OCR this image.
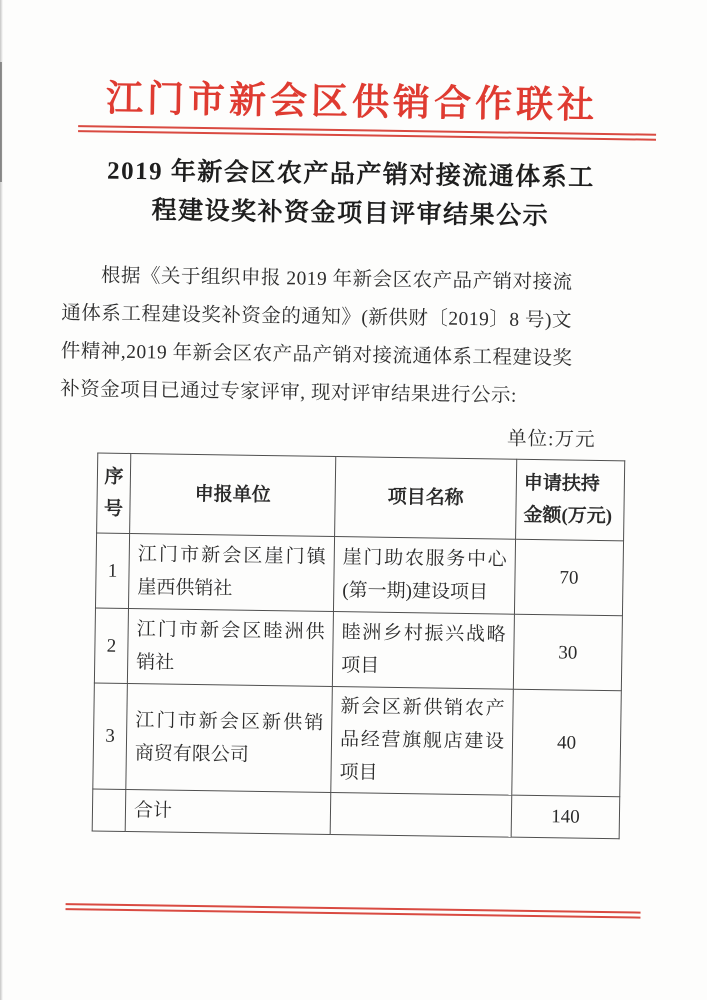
江门市新会区供销合作联社
2019 年新会区农产品产销对接流通体系工
程建设奖补资金项目评审结果公示
根据《关于组织申报 2019 年新会区农产品产销对接流
通体系工程建设奖补资金的通知》(新供财〔2019〕8 号)文
件精神,2019 年新会区农产品产销对接流通体系工程建设奖
补资金项目已通过专家评审, 现对评审结果进行公示:
单位:万元
序号	申报单位	项目名称	申请扶持金额(万元)
1	江门市新会区崖门镇崖西供销社	崖门助农服务中心(第一期)建设项目	70
2	江门市新会区睦洲供销社	睦洲乡村振兴战略项目	30
3	江门市新会区新供销商贸有限公司	新会区新供销农产品经营旗舰店建设项目	40
	合计		140
